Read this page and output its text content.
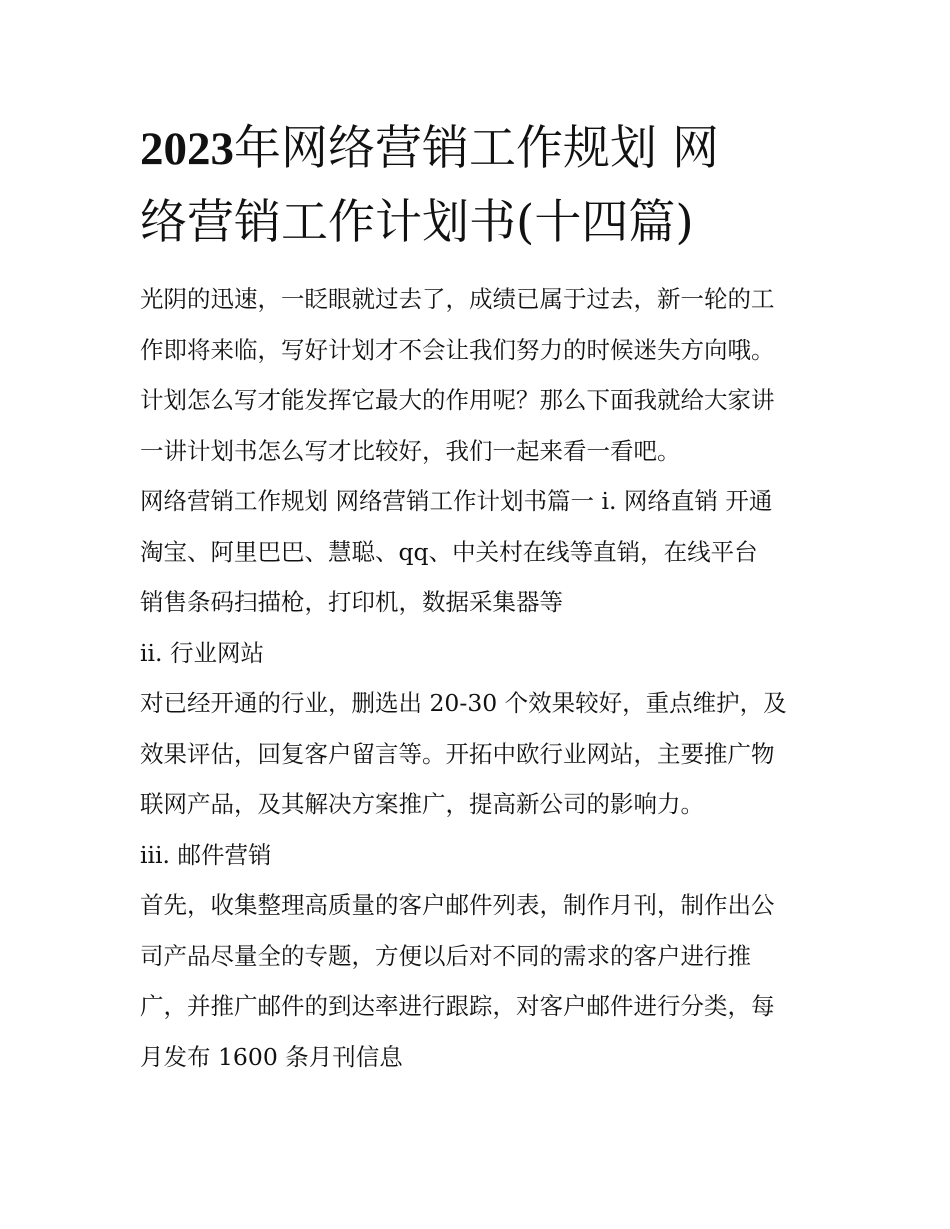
2023年网络营销工作规划 网
络营销工作计划书(十四篇)

光阴的迅速，一眨眼就过去了，成绩已属于过去，新一轮的工
作即将来临，写好计划才不会让我们努力的时候迷失方向哦。
计划怎么写才能发挥它最大的作用呢？那么下面我就给大家讲
一讲计划书怎么写才比较好，我们一起来看一看吧。

网络营销工作规划 网络营销工作计划书篇一 i. 网络直销 开通
淘宝、阿里巴巴、慧聪、qq、中关村在线等直销，在线平台
销售条码扫描枪，打印机，数据采集器等

ii. 行业网站

对已经开通的行业，删选出 20-30 个效果较好，重点维护，及
效果评估，回复客户留言等。开拓中欧行业网站，主要推广物
联网产品，及其解决方案推广，提高新公司的影响力。

iii. 邮件营销

首先，收集整理高质量的客户邮件列表，制作月刊，制作出公
司产品尽量全的专题，方便以后对不同的需求的客户进行推
广，并推广邮件的到达率进行跟踪，对客户邮件进行分类，每
月发布 1600 条月刊信息
